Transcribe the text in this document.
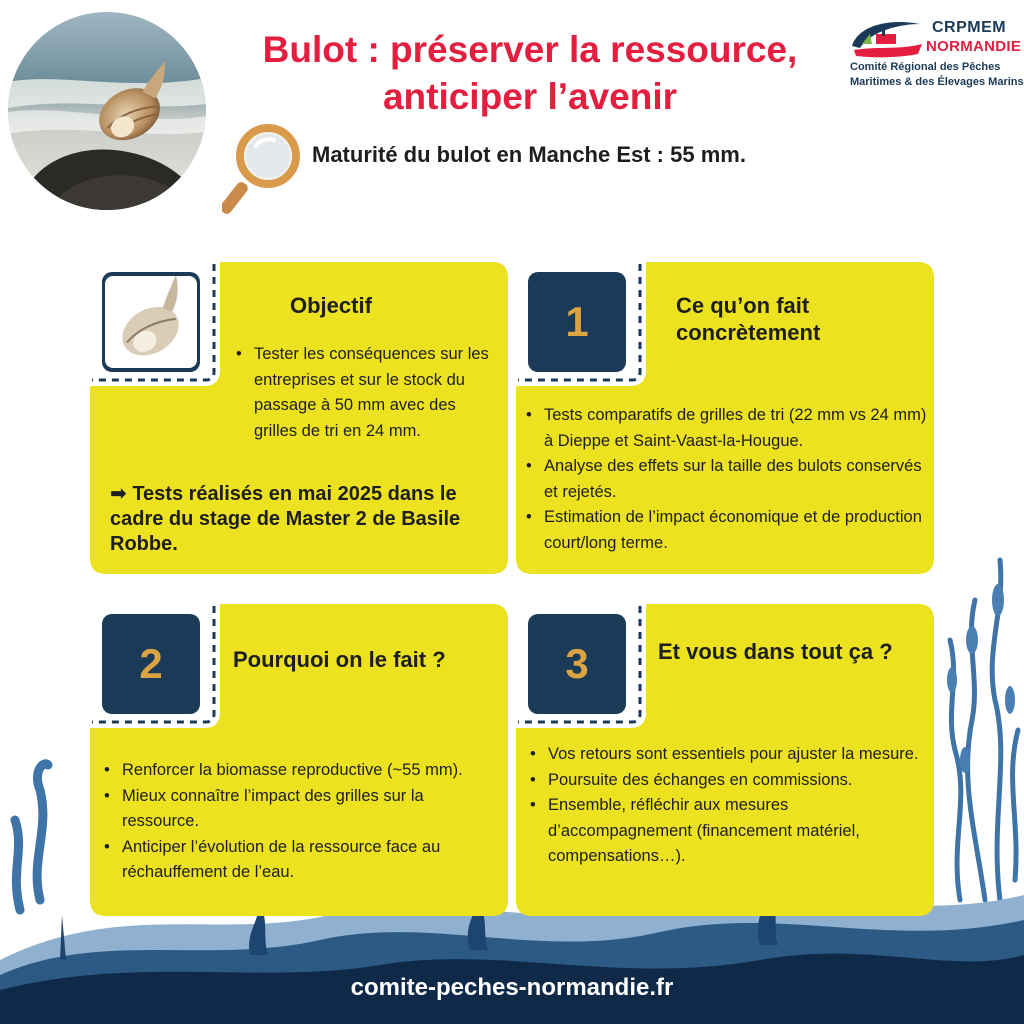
Bulot : préserver la ressource,
anticiper l’avenir
CRPMEM
NORMANDIE
Comité Régional des Pêches
Maritimes & des Élevages Marins
Maturité du bulot en Manche Est : 55 mm.
Objectif
• Tester les conséquences sur les entreprises et sur le stock du passage à 50 mm avec des grilles de tri en 24 mm.
➡ Tests réalisés en mai 2025 dans le cadre du stage de Master 2 de Basile Robbe.
1	Ce qu’on fait concrètement
• Tests comparatifs de grilles de tri (22 mm vs 24 mm) à Dieppe et Saint-Vaast-la-Hougue.
• Analyse des effets sur la taille des bulots conservés et rejetés.
• Estimation de l’impact économique et de production court/long terme.
2	Pourquoi on le fait ?
• Renforcer la biomasse reproductive (~55 mm).
• Mieux connaître l’impact des grilles sur la ressource.
• Anticiper l’évolution de la ressource face au réchauffement de l’eau.
3	Et vous dans tout ça ?
• Vos retours sont essentiels pour ajuster la mesure.
• Poursuite des échanges en commissions.
• Ensemble, réfléchir aux mesures d’accompagnement (financement matériel, compensations…).
comite-peches-normandie.fr
